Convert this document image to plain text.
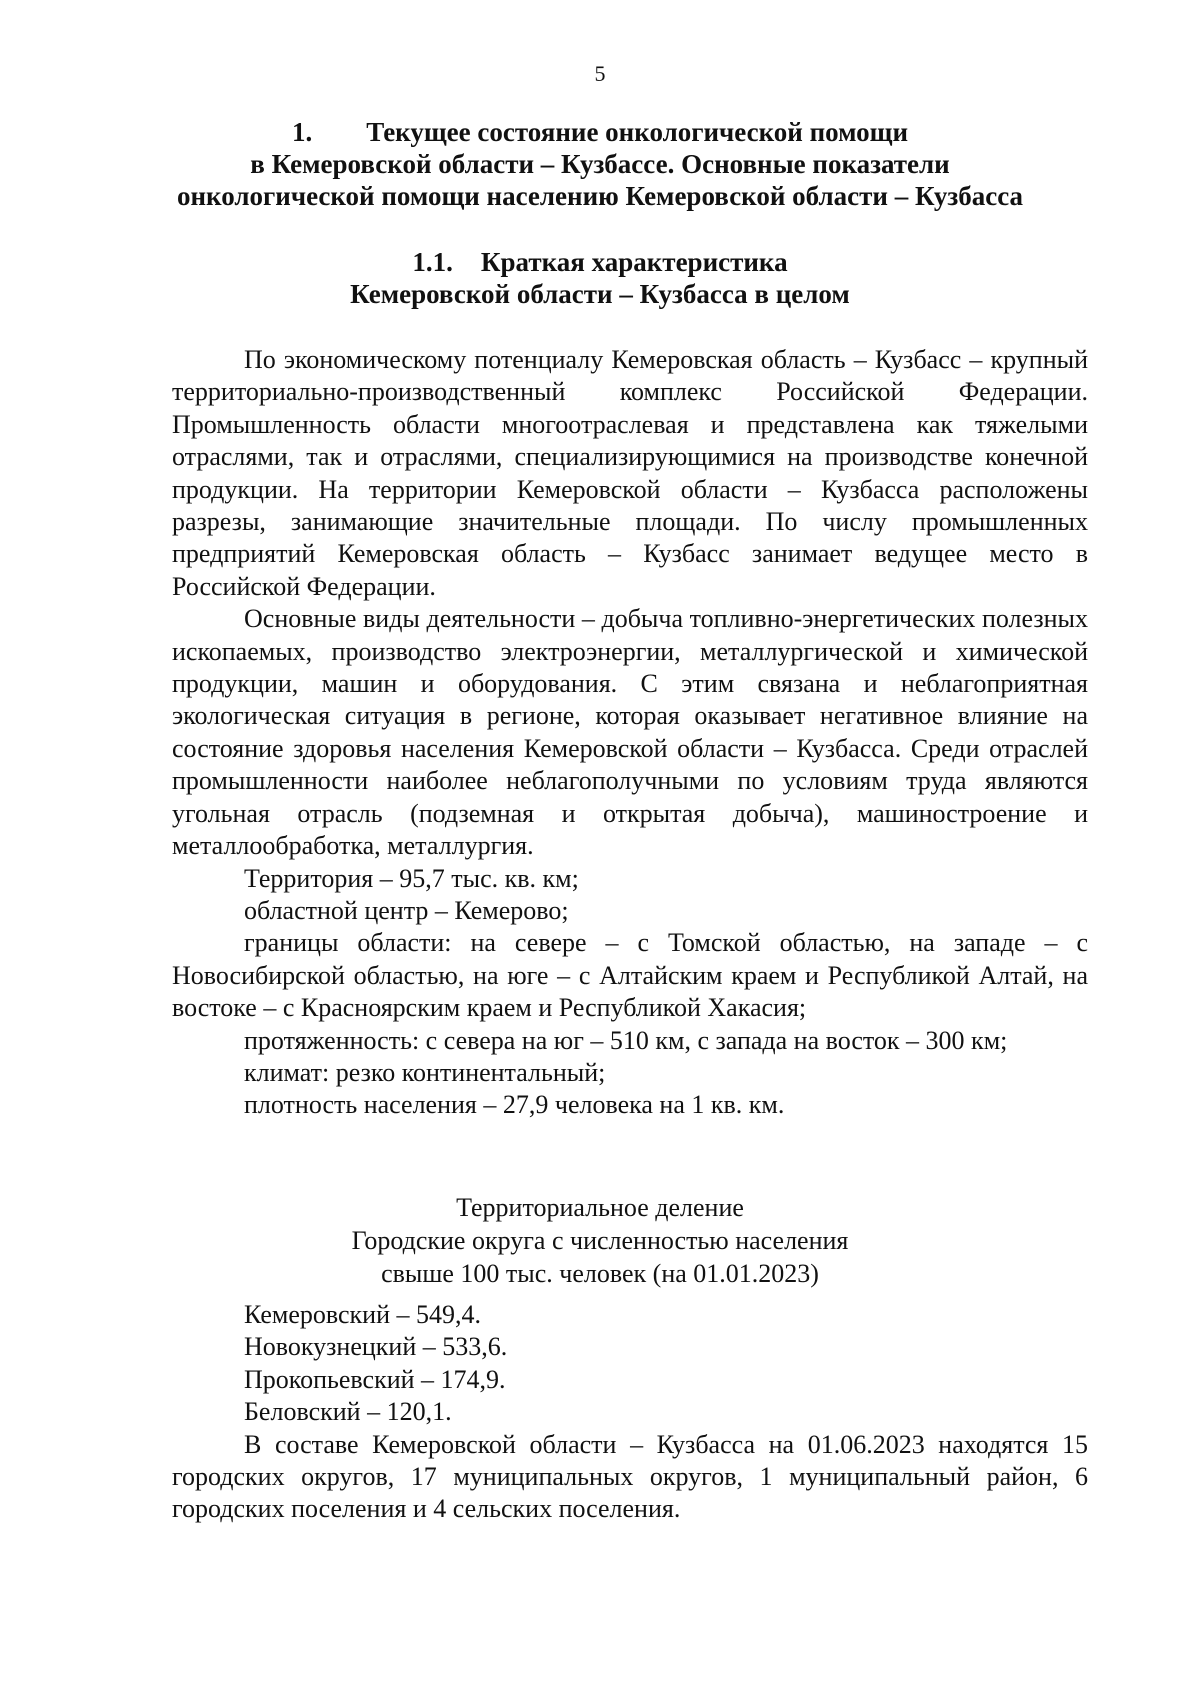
5
1. Текущее состояние онкологической помощи
в Кемеровской области – Кузбассе. Основные показатели
онкологической помощи населению Кемеровской области – Кузбасса
1.1. Краткая характеристика
Кемеровской области – Кузбасса в целом

По экономическому потенциалу Кемеровская область – Кузбасс – крупный территориально-производственный комплекс Российской Федерации. Промышленность области многоотраслевая и представлена как тяжелыми отраслями, так и отраслями, специализирующимися на производстве конечной продукции. На территории Кемеровской области – Кузбасса расположены разрезы, занимающие значительные площади. По числу промышленных предприятий Кемеровская область – Кузбасс занимает ведущее место в Российской Федерации.

Основные виды деятельности – добыча топливно-энергетических полезных ископаемых, производство электроэнергии, металлургической и химической продукции, машин и оборудования. С этим связана и неблагоприятная экологическая ситуация в регионе, которая оказывает негативное влияние на состояние здоровья населения Кемеровской области – Кузбасса. Среди отраслей промышленности наиболее неблагополучными по условиям труда являются угольная отрасль (подземная и открытая добыча), машиностроение и металлообработка, металлургия.

Территория – 95,7 тыс. кв. км;

областной центр – Кемерово;

границы области: на севере – с Томской областью, на западе – с Новосибирской областью, на юге – с Алтайским краем и Республикой Алтай, на востоке – с Красноярским краем и Республикой Хакасия;

протяженность: с севера на юг – 510 км, с запада на восток – 300 км;

климат: резко континентальный;

плотность населения – 27,9 человека на 1 кв. км.

Территориальное деление
Городские округа с численностью населения
свыше 100 тыс. человек (на 01.01.2023)

Кемеровский – 549,4.

Новокузнецкий – 533,6.

Прокопьевский – 174,9.

Беловский – 120,1.

В составе Кемеровской области – Кузбасса на 01.06.2023 находятся 15 городских округов, 17 муниципальных округов, 1 муниципальный район, 6 городских поселения и 4 сельских поселения.
